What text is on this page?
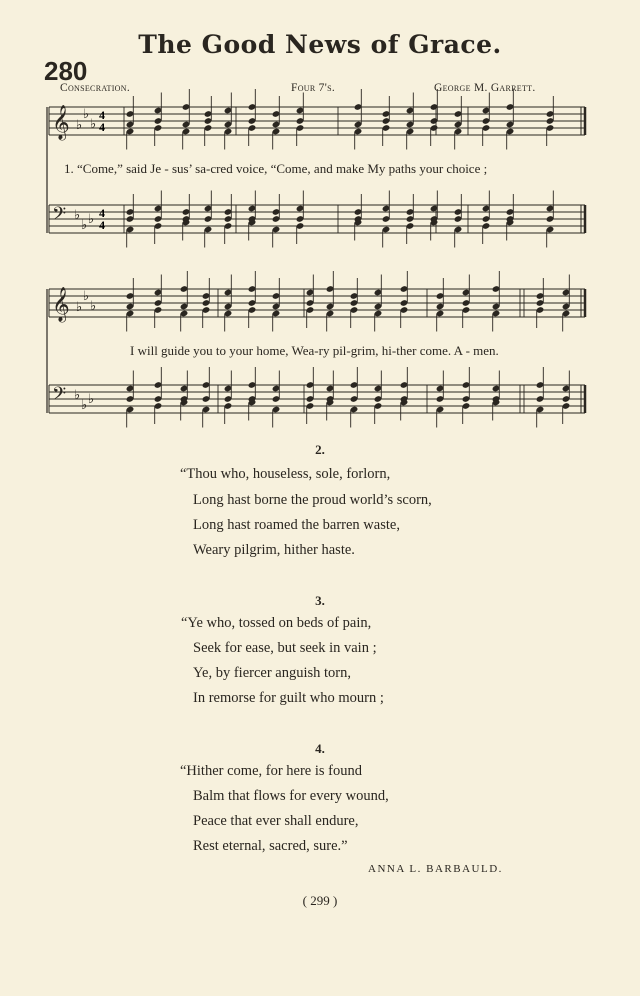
The Good News of Grace.
280
Consecration.	Four 7's.	George M. Garrett.
𝄞 ♭
♭
♭
𝄢 ♭
♭ ♭
𝄞 ♭
♭
♭
𝄢 ♭
♭ ♭
4
4
4
4
1. “Come,” said Je - sus’ sa-cred voice, “Come, and make My paths your choice ;
I will guide you to your home, Wea-ry pil-grim, hi-ther come. A - men.
2.
“Thou who, houseless, sole, forlorn,
Long hast borne the proud world’s scorn,
Long hast roamed the barren waste,
Weary pilgrim, hither haste.
3.
“Ye who, tossed on beds of pain,
Seek for ease, but seek in vain ;
Ye, by fiercer anguish torn,
In remorse for guilt who mourn ;
4.
“Hither come, for here is found
Balm that flows for every wound,
Peace that ever shall endure,
Rest eternal, sacred, sure.”
ANNA L. BARBAULD.
( 299 )
